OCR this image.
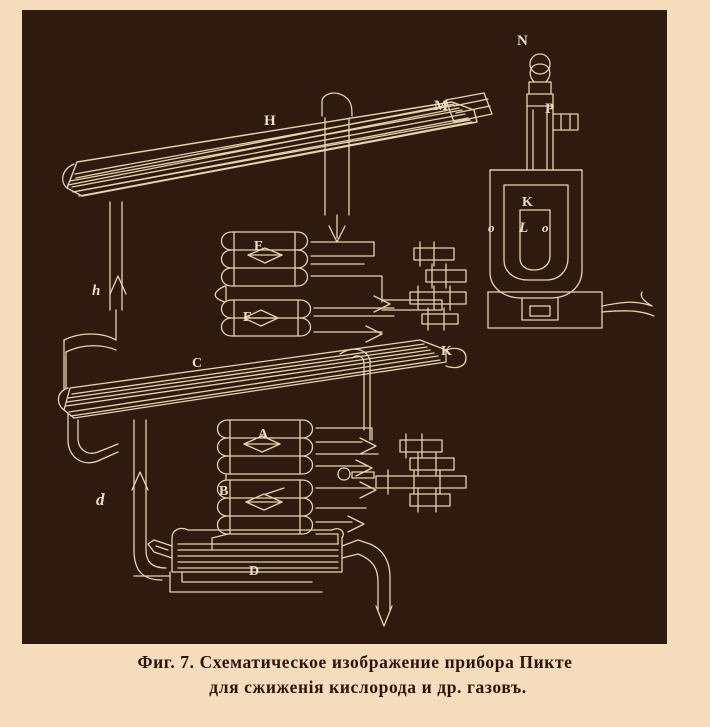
N
P
M
H
K
L
o	o
E
F
h
C
K
A
B
d
D
Фиг. 7. Схематическое изображение прибора Пикте
для сжиженія кислорода и др. газовъ.
